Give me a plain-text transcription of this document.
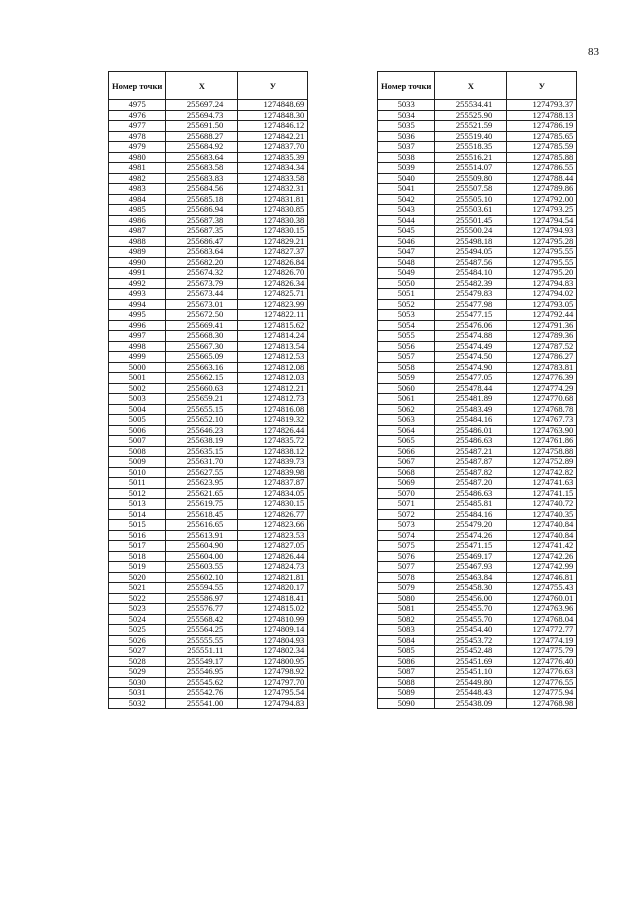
83
Номер точки	X	У
4975	255697.24	1274848.69
4976	255694.73	1274848.30
4977	255691.50	1274846.12
4978	255688.27	1274842.21
4979	255684.92	1274837.70
4980	255683.64	1274835.39
4981	255683.58	1274834.34
4982	255683.83	1274833.58
4983	255684.56	1274832.31
4984	255685.18	1274831.81
4985	255686.94	1274830.85
4986	255687.38	1274830.38
4987	255687.35	1274830.15
4988	255686.47	1274829.21
4989	255683.64	1274827.37
4990	255682.20	1274826.84
4991	255674.32	1274826.70
4992	255673.79	1274826.34
4993	255673.44	1274825.71
4994	255673.01	1274823.99
4995	255672.50	1274822.11
4996	255669.41	1274815.62
4997	255668.30	1274814.24
4998	255667.30	1274813.54
4999	255665.09	1274812.53
5000	255663.16	1274812.08
5001	255662.15	1274812.03
5002	255660.63	1274812.21
5003	255659.21	1274812.73
5004	255655.15	1274816.08
5005	255652.10	1274819.32
5006	255646.23	1274826.44
5007	255638.19	1274835.72
5008	255635.15	1274838.12
5009	255631.70	1274839.73
5010	255627.55	1274839.98
5011	255623.95	1274837.87
5012	255621.65	1274834.05
5013	255619.75	1274830.15
5014	255618.45	1274826.77
5015	255616.65	1274823.66
5016	255613.91	1274823.53
5017	255604.90	1274827.05
5018	255604.00	1274826.44
5019	255603.55	1274824.73
5020	255602.10	1274821.81
5021	255594.55	1274820.17
5022	255586.97	1274818.41
5023	255576.77	1274815.02
5024	255568.42	1274810.99
5025	255564.25	1274809.14
5026	255555.55	1274804.93
5027	255551.11	1274802.34
5028	255549.17	1274800.95
5029	255546.95	1274798.92
5030	255545.62	1274797.70
5031	255542.76	1274795.54
5032	255541.00	1274794.83
Номер точки	X	У
5033	255534.41	1274793.37
5034	255525.90	1274788.13
5035	255521.59	1274786.19
5036	255519.40	1274785.65
5037	255518.35	1274785.59
5038	255516.21	1274785.88
5039	255514.07	1274786.55
5040	255509.80	1274788.44
5041	255507.58	1274789.86
5042	255505.10	1274792.00
5043	255503.61	1274793.25
5044	255501.45	1274794.54
5045	255500.24	1274794.93
5046	255498.18	1274795.28
5047	255494.05	1274795.55
5048	255487.56	1274795.55
5049	255484.10	1274795.20
5050	255482.39	1274794.83
5051	255479.83	1274794.02
5052	255477.98	1274793.05
5053	255477.15	1274792.44
5054	255476.06	1274791.36
5055	255474.88	1274789.36
5056	255474.49	1274787.52
5057	255474.50	1274786.27
5058	255474.90	1274783.81
5059	255477.05	1274776.39
5060	255478.44	1274774.29
5061	255481.89	1274770.68
5062	255483.49	1274768.78
5063	255484.16	1274767.73
5064	255486.01	1274763.90
5065	255486.63	1274761.86
5066	255487.21	1274758.88
5067	255487.87	1274752.89
5068	255487.82	1274742.82
5069	255487.20	1274741.63
5070	255486.63	1274741.15
5071	255485.81	1274740.72
5072	255484.16	1274740.35
5073	255479.20	1274740.84
5074	255474.26	1274740.84
5075	255471.15	1274741.42
5076	255469.17	1274742.26
5077	255467.93	1274742.99
5078	255463.84	1274746.81
5079	255458.30	1274755.43
5080	255456.00	1274760.01
5081	255455.70	1274763.96
5082	255455.70	1274768.04
5083	255454.40	1274772.77
5084	255453.72	1274774.19
5085	255452.48	1274775.79
5086	255451.69	1274776.40
5087	255451.10	1274776.63
5088	255449.80	1274776.55
5089	255448.43	1274775.94
5090	255438.09	1274768.98
